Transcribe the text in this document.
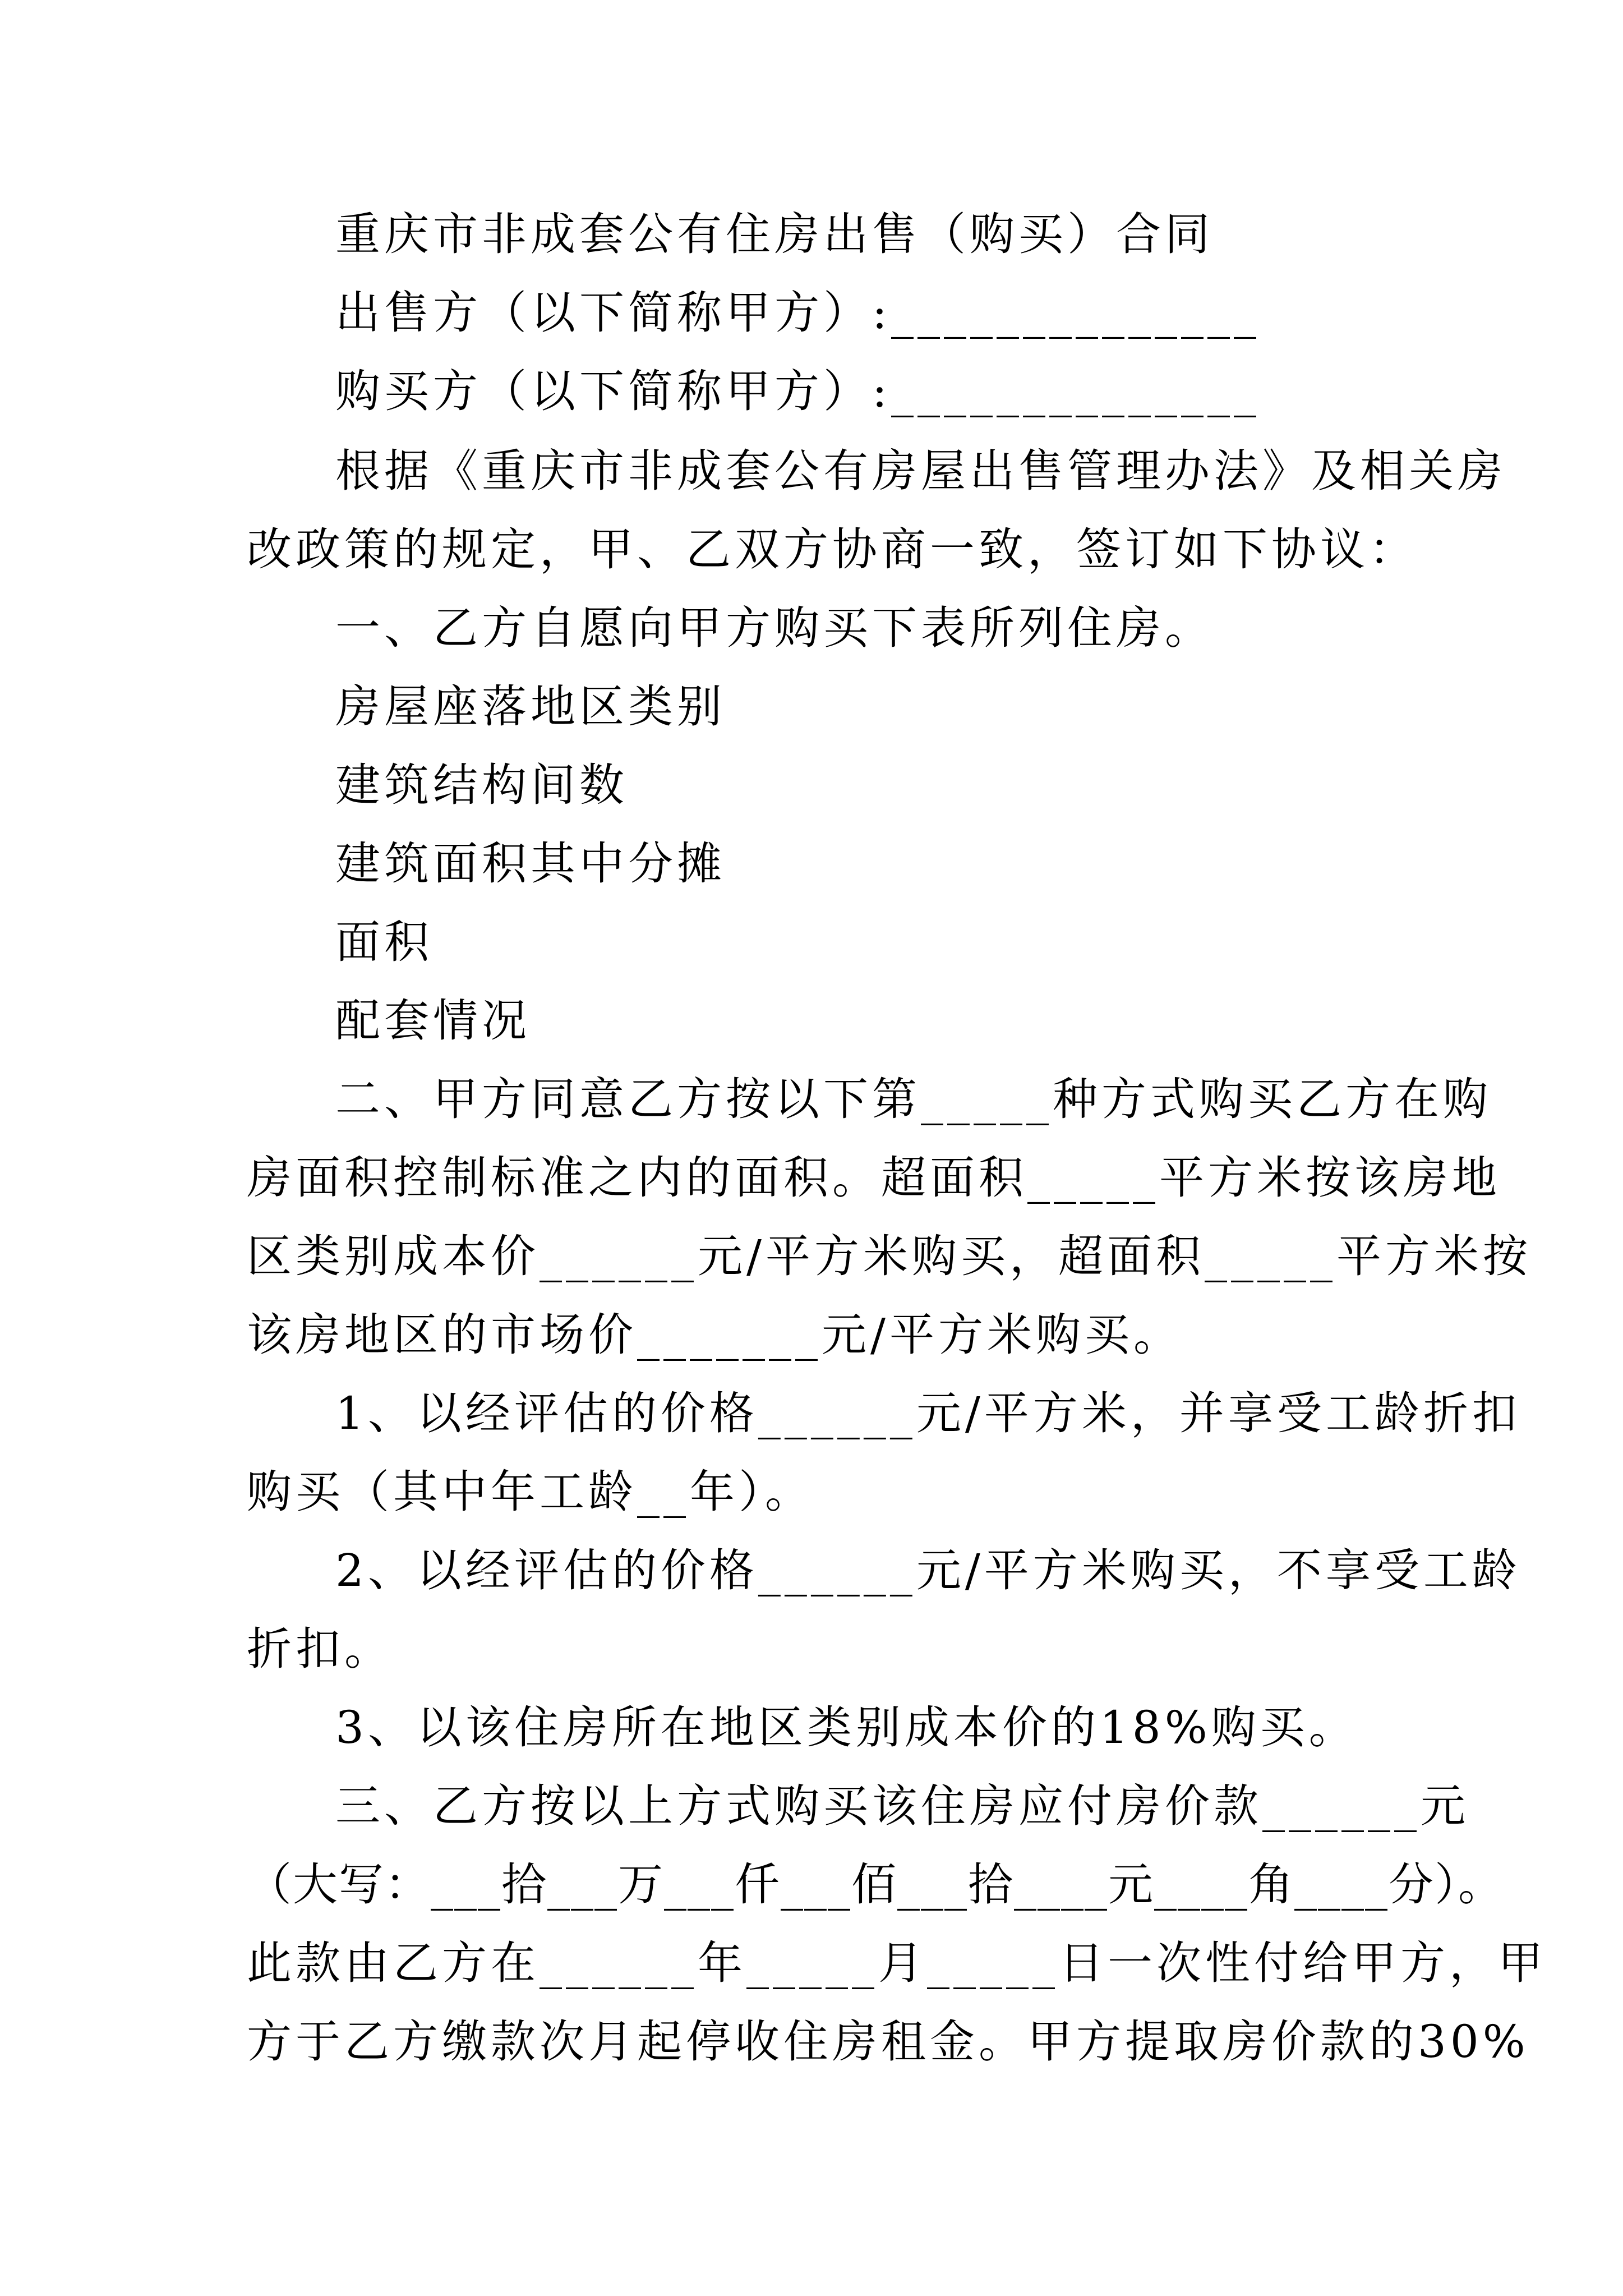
重庆市非成套公有住房出售（购买）合同
出售方（以下简称甲方）:______________
购买方（以下简称甲方）:______________
根据《重庆市非成套公有房屋出售管理办法》及相关房
改政策的规定，甲、乙双方协商一致，签订如下协议：
一、乙方自愿向甲方购买下表所列住房。
房屋座落地区类别
建筑结构间数
建筑面积其中分摊
面积
配套情况
二、甲方同意乙方按以下第_____种方式购买乙方在购
房面积控制标准之内的面积。超面积_____平方米按该房地
区类别成本价______元/平方米购买，超面积_____平方米按
该房地区的市场价_______元/平方米购买。
1、以经评估的价格______元/平方米，并享受工龄折扣
购买（其中年工龄__年）。
2、以经评估的价格______元/平方米购买，不享受工龄
折扣。
3、以该住房所在地区类别成本价的18%购买。
三、乙方按以上方式购买该住房应付房价款______元
（大写：___拾___万___仟___佰___拾____元____角____分）。
此款由乙方在______年_____月_____日一次性付给甲方，甲
方于乙方缴款次月起停收住房租金。甲方提取房价款的30%
